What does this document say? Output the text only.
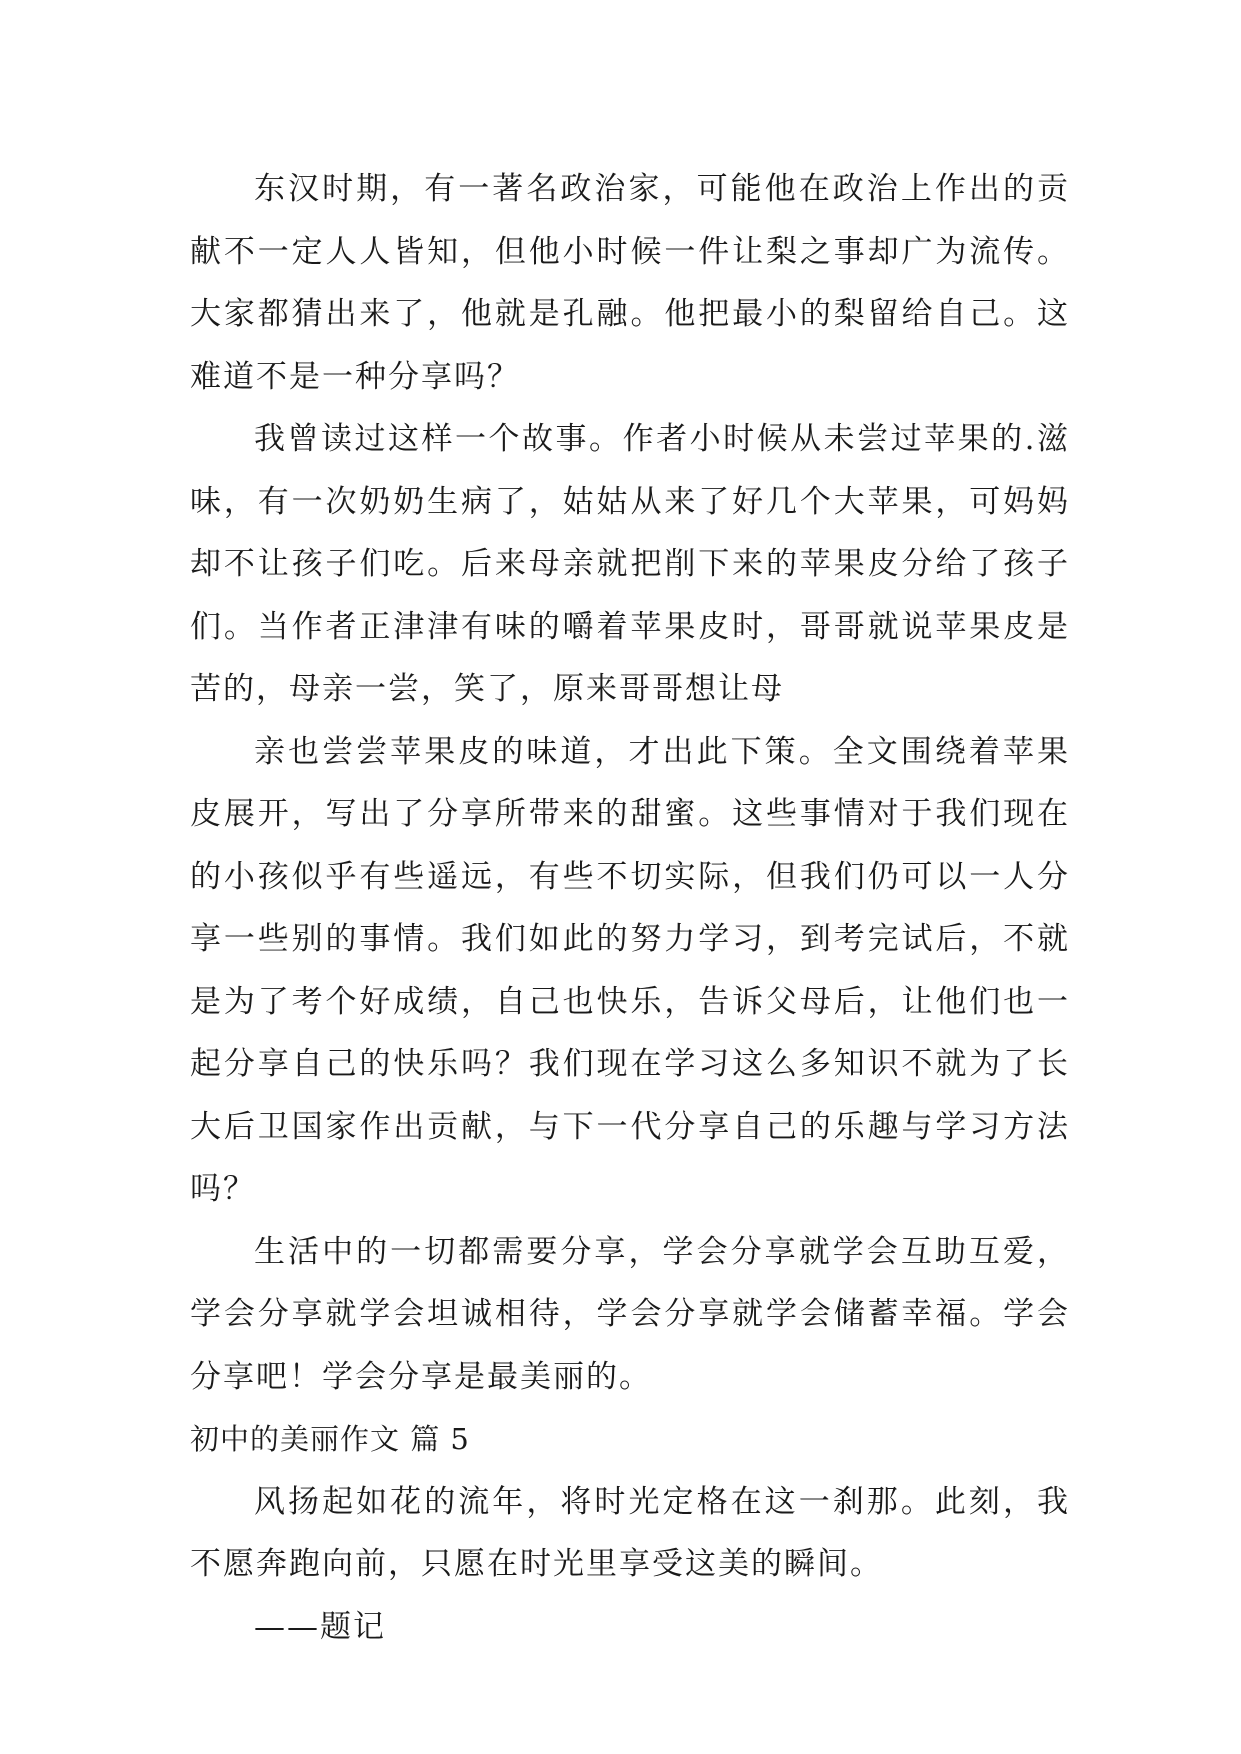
东汉时期，有一著名政治家，可能他在政治上作出的贡献不一定人人皆知，但他小时候一件让梨之事却广为流传。大家都猜出来了，他就是孔融。他把最小的梨留给自己。这难道不是一种分享吗？

我曾读过这样一个故事。作者小时候从未尝过苹果的.滋味，有一次奶奶生病了，姑姑从来了好几个大苹果，可妈妈却不让孩子们吃。后来母亲就把削下来的苹果皮分给了孩子们。当作者正津津有味的嚼着苹果皮时，哥哥就说苹果皮是苦的，母亲一尝，笑了，原来哥哥想让母

亲也尝尝苹果皮的味道，才出此下策。全文围绕着苹果皮展开，写出了分享所带来的甜蜜。这些事情对于我们现在的小孩似乎有些遥远，有些不切实际，但我们仍可以一人分享一些别的事情。我们如此的努力学习，到考完试后，不就是为了考个好成绩，自己也快乐，告诉父母后，让他们也一起分享自己的快乐吗？我们现在学习这么多知识不就为了长大后卫国家作出贡献，与下一代分享自己的乐趣与学习方法吗？

生活中的一切都需要分享，学会分享就学会互助互爱，学会分享就学会坦诚相待，学会分享就学会储蓄幸福。学会分享吧！学会分享是最美丽的。

初中的美丽作文 篇 5

风扬起如花的流年，将时光定格在这一刹那。此刻，我不愿奔跑向前，只愿在时光里享受这美的瞬间。

——题记
